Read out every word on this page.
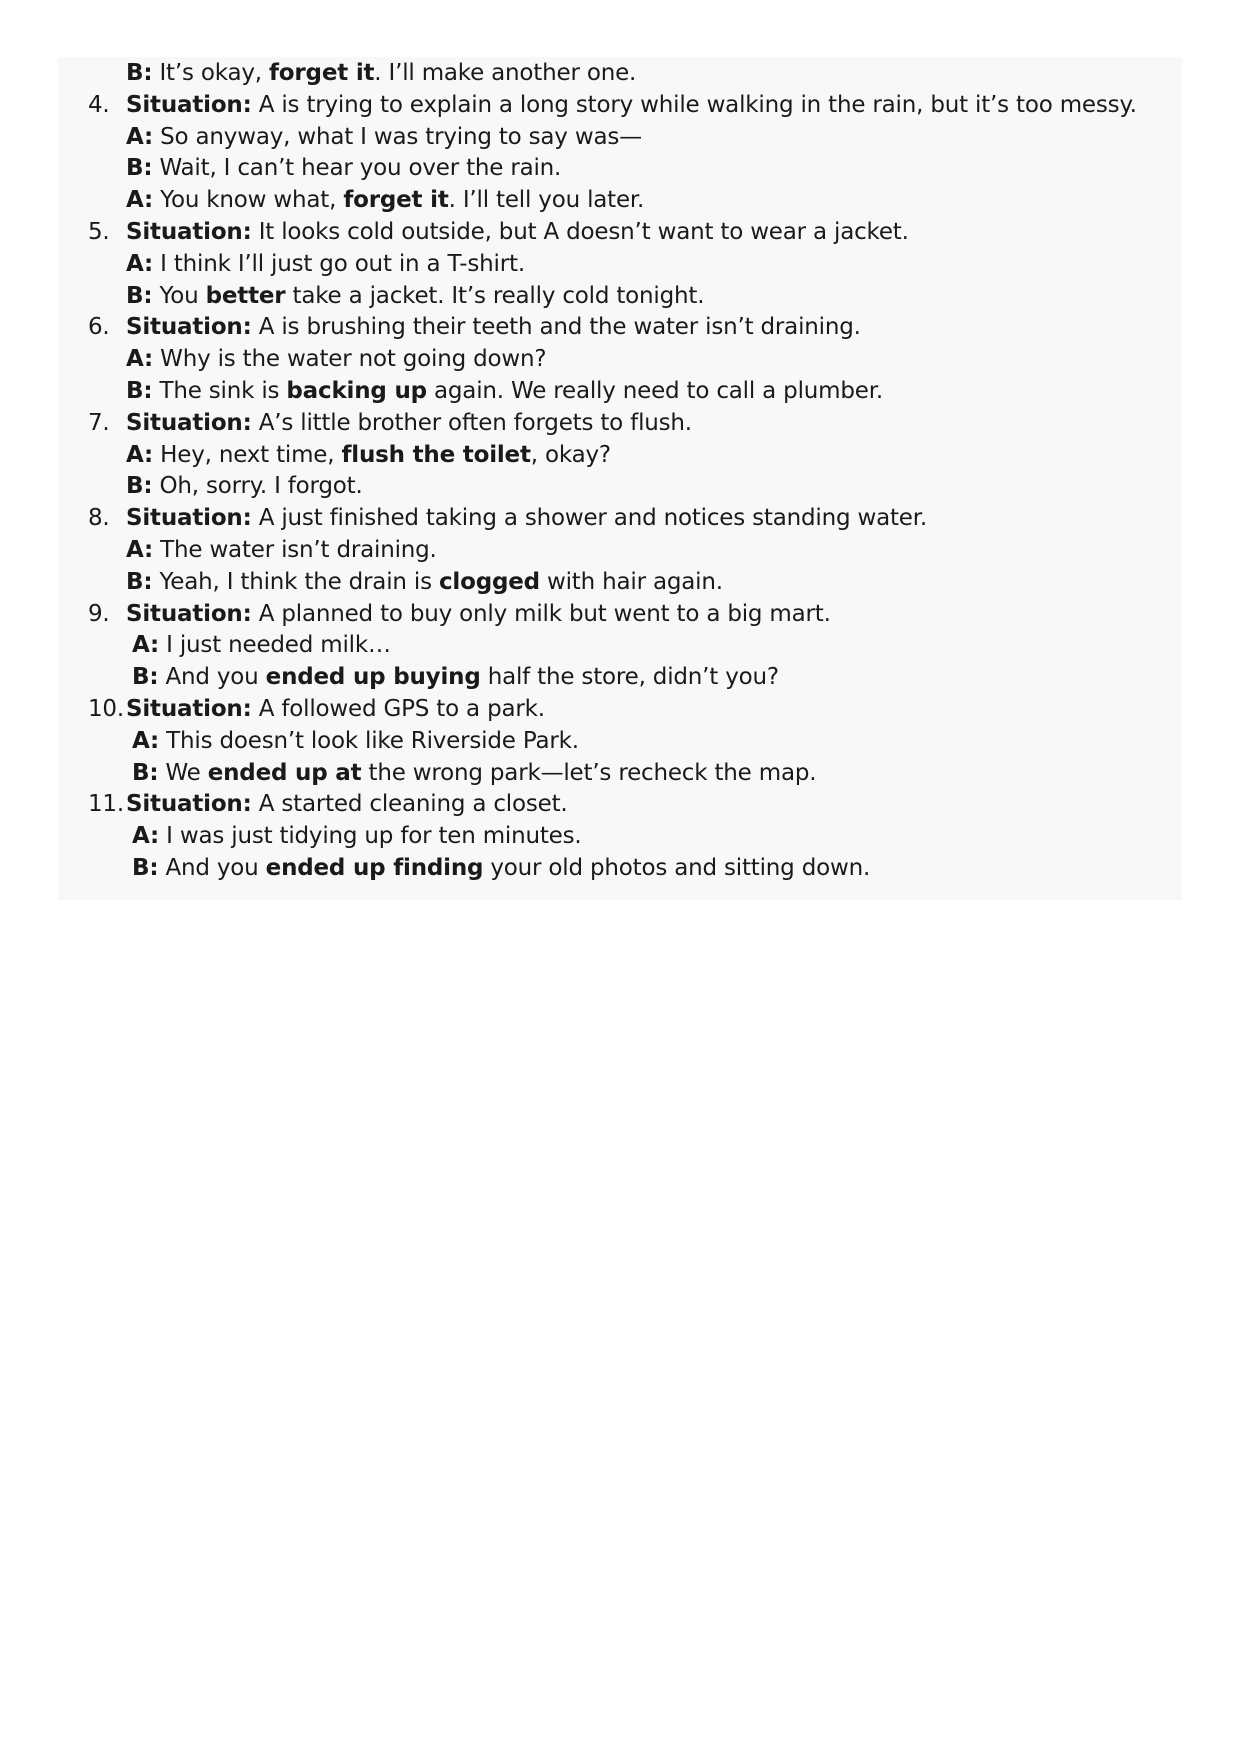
B: It’s okay, forget it. I’ll make another one.
4. Situation: A is trying to explain a long story while walking in the rain, but it’s too messy.
A: So anyway, what I was trying to say was—
B: Wait, I can’t hear you over the rain.
A: You know what, forget it. I’ll tell you later.
5. Situation: It looks cold outside, but A doesn’t want to wear a jacket.
A: I think I’ll just go out in a T-shirt.
B: You better take a jacket. It’s really cold tonight.
6. Situation: A is brushing their teeth and the water isn’t draining.
A: Why is the water not going down?
B: The sink is backing up again. We really need to call a plumber.
7. Situation: A’s little brother often forgets to flush.
A: Hey, next time, flush the toilet, okay?
B: Oh, sorry. I forgot.
8. Situation: A just finished taking a shower and notices standing water.
A: The water isn’t draining.
B: Yeah, I think the drain is clogged with hair again.
9. Situation: A planned to buy only milk but went to a big mart.
A: I just needed milk…
B: And you ended up buying half the store, didn’t you?
10. Situation: A followed GPS to a park.
A: This doesn’t look like Riverside Park.
B: We ended up at the wrong park—let’s recheck the map.
11. Situation: A started cleaning a closet.
A: I was just tidying up for ten minutes.
B: And you ended up finding your old photos and sitting down.
